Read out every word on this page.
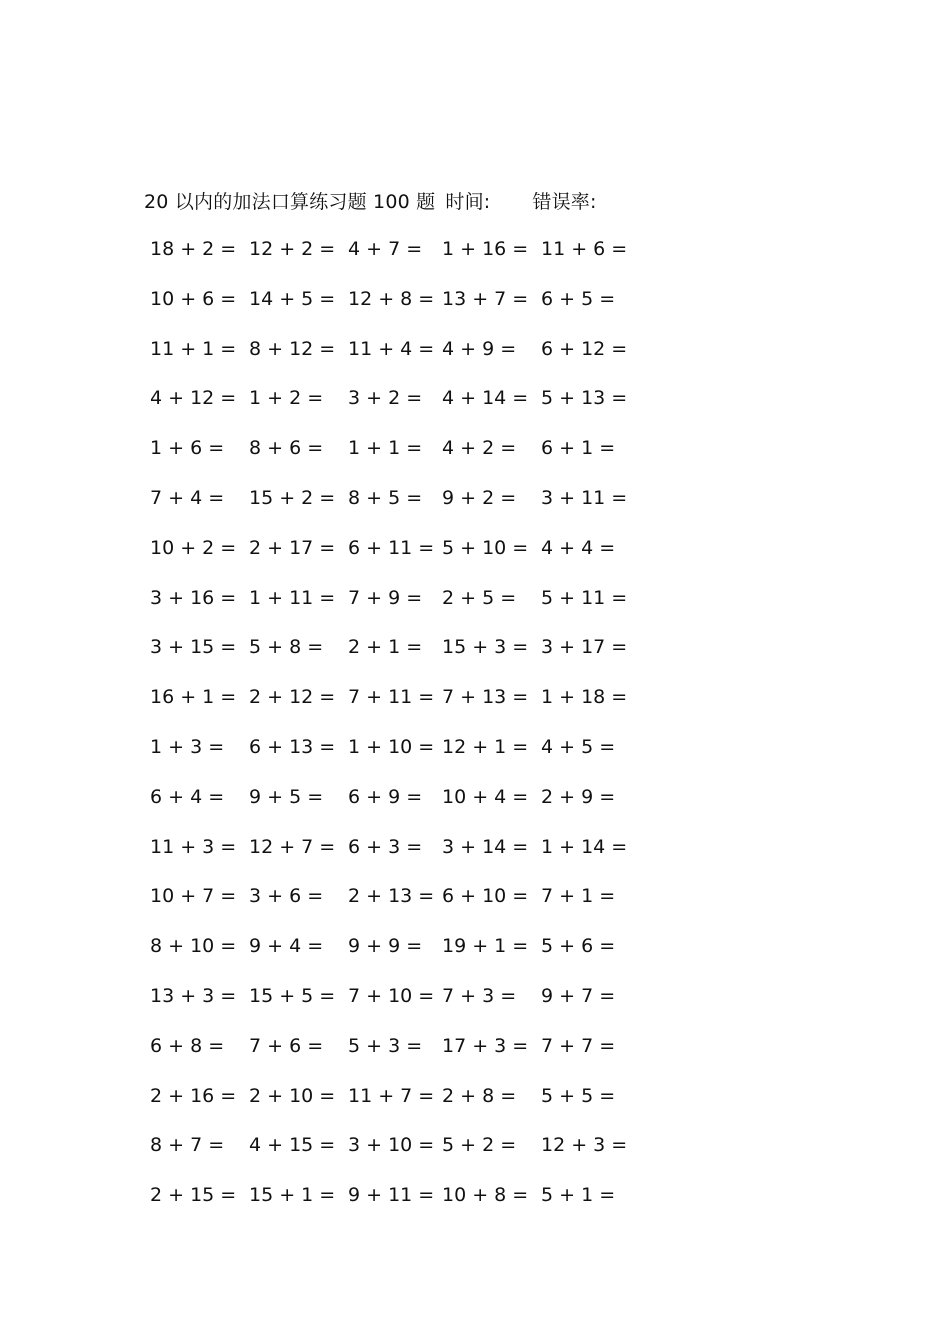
20 以内的加法口算练习题 100 题 时间: 错误率:
18 + 2 = 12 + 2 = 4 + 7 = 1 + 16 = 11 + 6 =
10 + 6 = 14 + 5 = 12 + 8 = 13 + 7 = 6 + 5 =
11 + 1 = 8 + 12 = 11 + 4 = 4 + 9 = 6 + 12 =
4 + 12 = 1 + 2 = 3 + 2 = 4 + 14 = 5 + 13 =
1 + 6 = 8 + 6 = 1 + 1 = 4 + 2 = 6 + 1 =
7 + 4 = 15 + 2 = 8 + 5 = 9 + 2 = 3 + 11 =
10 + 2 = 2 + 17 = 6 + 11 = 5 + 10 = 4 + 4 =
3 + 16 = 1 + 11 = 7 + 9 = 2 + 5 = 5 + 11 =
3 + 15 = 5 + 8 = 2 + 1 = 15 + 3 = 3 + 17 =
16 + 1 = 2 + 12 = 7 + 11 = 7 + 13 = 1 + 18 =
1 + 3 = 6 + 13 = 1 + 10 = 12 + 1 = 4 + 5 =
6 + 4 = 9 + 5 = 6 + 9 = 10 + 4 = 2 + 9 =
11 + 3 = 12 + 7 = 6 + 3 = 3 + 14 = 1 + 14 =
10 + 7 = 3 + 6 = 2 + 13 = 6 + 10 = 7 + 1 =
8 + 10 = 9 + 4 = 9 + 9 = 19 + 1 = 5 + 6 =
13 + 3 = 15 + 5 = 7 + 10 = 7 + 3 = 9 + 7 =
6 + 8 = 7 + 6 = 5 + 3 = 17 + 3 = 7 + 7 =
2 + 16 = 2 + 10 = 11 + 7 = 2 + 8 = 5 + 5 =
8 + 7 = 4 + 15 = 3 + 10 = 5 + 2 = 12 + 3 =
2 + 15 = 15 + 1 = 9 + 11 = 10 + 8 = 5 + 1 =
